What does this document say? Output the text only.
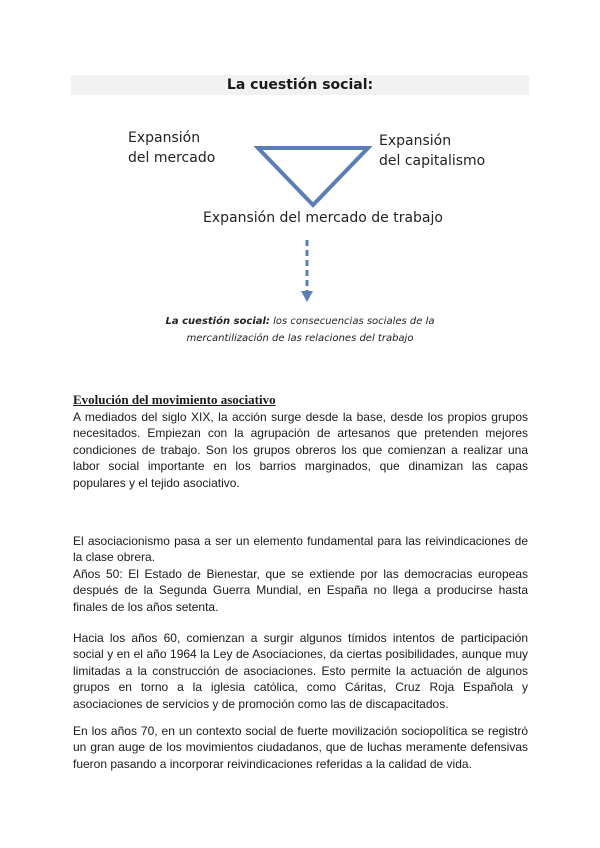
La cuestión social:
Expansión
del mercado
Expansión
del capitalismo
Expansión del mercado de trabajo
La cuestión social: los consecuencias sociales de la
mercantilización de las relaciones del trabajo
Evolución del movimiento asociativo

A mediados del siglo XIX, la acción surge desde la base, desde los propios grupos necesitados. Empiezan con la agrupación de artesanos que pretenden mejores condiciones de trabajo. Son los grupos obreros los que comienzan a realizar una labor social importante en los barrios marginados, que dinamizan las capas populares y el tejido asociativo.

El asociacionismo pasa a ser un elemento fundamental para las reivindicaciones de la clase obrera.
Años 50: El Estado de Bienestar, que se extiende por las democracias europeas después de la Segunda Guerra Mundial, en España no llega a producirse hasta finales de los años setenta.

Hacia los años 60, comienzan a surgir algunos tímidos intentos de participación social y en el año 1964 la Ley de Asociaciones, da ciertas posibilidades, aunque muy limitadas a la construcción de asociaciones. Esto permite la actuación de algunos grupos en torno a la iglesia católica, como Cáritas, Cruz Roja Española y asociaciones de servicios y de promoción como las de discapacitados.

En los años 70, en un contexto social de fuerte movilización sociopolítica se registró un gran auge de los movimientos ciudadanos, que de luchas meramente defensivas fueron pasando a incorporar reivindicaciones referidas a la calidad de vida.
